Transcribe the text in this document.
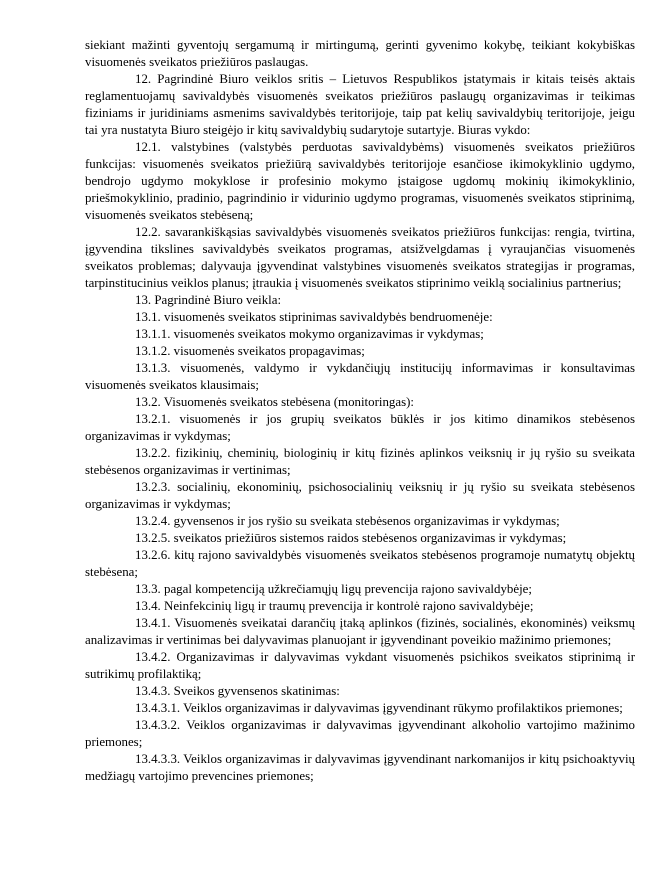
siekiant mažinti gyventojų sergamumą ir mirtingumą, gerinti gyvenimo kokybę, teikiant kokybiškas visuomenės sveikatos priežiūros paslaugas.

12. Pagrindinė Biuro veiklos sritis – Lietuvos Respublikos įstatymais ir kitais teisės aktais reglamentuojamų savivaldybės visuomenės sveikatos priežiūros paslaugų organizavimas ir teikimas fiziniams ir juridiniams asmenims savivaldybės teritorijoje, taip pat kelių savivaldybių teritorijoje, jeigu tai yra nustatyta Biuro steigėjo ir kitų savivaldybių sudarytoje sutartyje. Biuras vykdo:

12.1. valstybines (valstybės perduotas savivaldybėms) visuomenės sveikatos priežiūros funkcijas: visuomenės sveikatos priežiūrą savivaldybės teritorijoje esančiose ikimokyklinio ugdymo, bendrojo ugdymo mokyklose ir profesinio mokymo įstaigose ugdomų mokinių ikimokyklinio, priešmokyklinio, pradinio, pagrindinio ir vidurinio ugdymo programas, visuomenės sveikatos stiprinimą, visuomenės sveikatos stebėseną;

12.2. savarankiškąsias savivaldybės visuomenės sveikatos priežiūros funkcijas: rengia, tvirtina, įgyvendina tikslines savivaldybės sveikatos programas, atsižvelgdamas į vyraujančias visuomenės sveikatos problemas; dalyvauja įgyvendinat valstybines visuomenės sveikatos strategijas ir programas, tarpinstitucinius veiklos planus; įtraukia į visuomenės sveikatos stiprinimo veiklą socialinius partnerius;

13. Pagrindinė Biuro veikla:

13.1. visuomenės sveikatos stiprinimas savivaldybės bendruomenėje:

13.1.1. visuomenės sveikatos mokymo organizavimas ir vykdymas;

13.1.2. visuomenės sveikatos propagavimas;

13.1.3. visuomenės, valdymo ir vykdančiųjų institucijų informavimas ir konsultavimas visuomenės sveikatos klausimais;

13.2. Visuomenės sveikatos stebėsena (monitoringas):

13.2.1. visuomenės ir jos grupių sveikatos būklės ir jos kitimo dinamikos stebėsenos organizavimas ir vykdymas;

13.2.2. fizikinių, cheminių, biologinių ir kitų fizinės aplinkos veiksnių ir jų ryšio su sveikata stebėsenos organizavimas ir vertinimas;

13.2.3. socialinių, ekonominių, psichosocialinių veiksnių ir jų ryšio su sveikata stebėsenos organizavimas ir vykdymas;

13.2.4. gyvensenos ir jos ryšio su sveikata stebėsenos organizavimas ir vykdymas;

13.2.5. sveikatos priežiūros sistemos raidos stebėsenos organizavimas ir vykdymas;

13.2.6. kitų rajono savivaldybės visuomenės sveikatos stebėsenos programoje numatytų objektų stebėsena;

13.3. pagal kompetenciją užkrečiamųjų ligų prevencija rajono savivaldybėje;

13.4. Neinfekcinių ligų ir traumų prevencija ir kontrolė rajono savivaldybėje;

13.4.1. Visuomenės sveikatai darančių įtaką aplinkos (fizinės, socialinės, ekonominės) veiksmų analizavimas ir vertinimas bei dalyvavimas planuojant ir įgyvendinant poveikio mažinimo priemones;

13.4.2. Organizavimas ir dalyvavimas vykdant visuomenės psichikos sveikatos stiprinimą ir sutrikimų profilaktiką;

13.4.3. Sveikos gyvensenos skatinimas:

13.4.3.1. Veiklos organizavimas ir dalyvavimas įgyvendinant rūkymo profilaktikos priemones;

13.4.3.2. Veiklos organizavimas ir dalyvavimas įgyvendinant alkoholio vartojimo mažinimo priemones;

13.4.3.3. Veiklos organizavimas ir dalyvavimas įgyvendinant narkomanijos ir kitų psichoaktyvių medžiagų vartojimo prevencines priemones;
